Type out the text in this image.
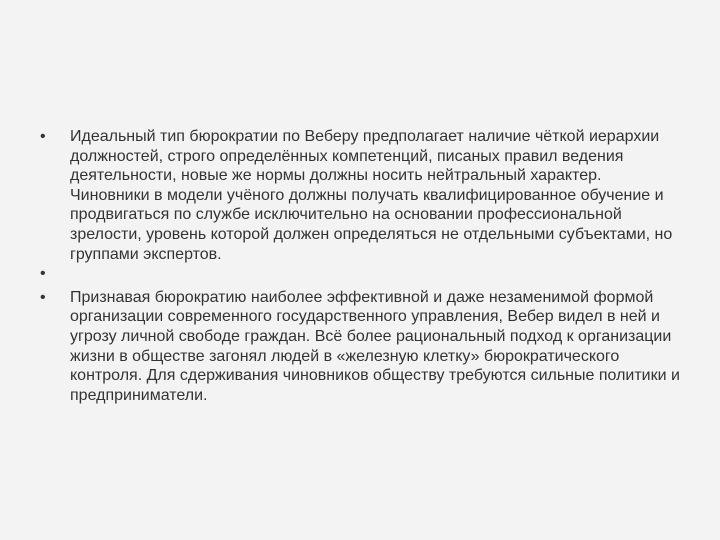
•	Идеальный тип бюрократии по Веберу предполагает наличие чёткой иерархии должностей, строго определённых компетенций, писаных правил ведения деятельности, новые же нормы должны носить нейтральный характер. Чиновники в модели учёного должны получать квалифицированное обучение и продвигаться по службе исключительно на основании профессиональной зрелости, уровень которой должен определяться не отдельными субъектами, но группами экспертов.
•
•	Признавая бюрократию наиболее эффективной и даже незаменимой формой организации современного государственного управления, Вебер видел в ней и угрозу личной свободе граждан. Всё более рациональный подход к организации жизни в обществе загонял людей в «железную клетку» бюрократического контроля. Для сдерживания чиновников обществу требуются сильные политики и предприниматели.
